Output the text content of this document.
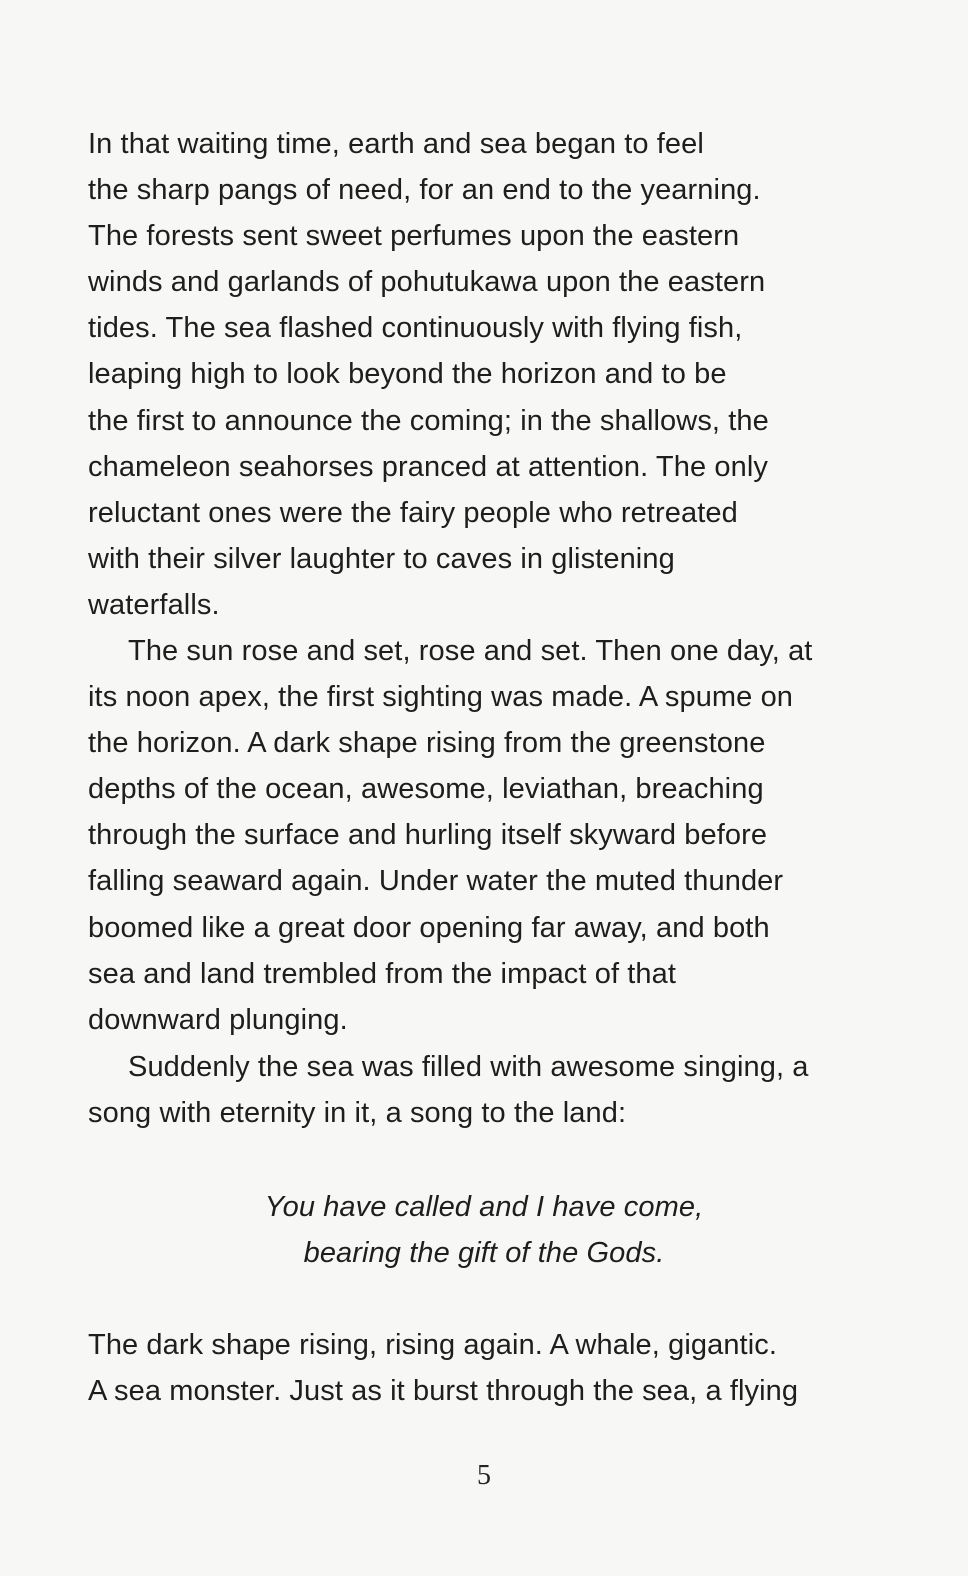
In that waiting time, earth and sea began to feel
the sharp pangs of need, for an end to the yearning.
The forests sent sweet perfumes upon the eastern
winds and garlands of pohutukawa upon the eastern
tides. The sea flashed continuously with flying fish,
leaping high to look beyond the horizon and to be
the first to announce the coming; in the shallows, the
chameleon seahorses pranced at attention. The only
reluctant ones were the fairy people who retreated
with their silver laughter to caves in glistening
waterfalls.
The sun rose and set, rose and set. Then one day, at
its noon apex, the first sighting was made. A spume on
the horizon. A dark shape rising from the greenstone
depths of the ocean, awesome, leviathan, breaching
through the surface and hurling itself skyward before
falling seaward again. Under water the muted thunder
boomed like a great door opening far away, and both
sea and land trembled from the impact of that
downward plunging.
Suddenly the sea was filled with awesome singing, a
song with eternity in it, a song to the land:
You have called and I have come,
bearing the gift of the Gods.
The dark shape rising, rising again. A whale, gigantic.
A sea monster. Just as it burst through the sea, a flying
5
